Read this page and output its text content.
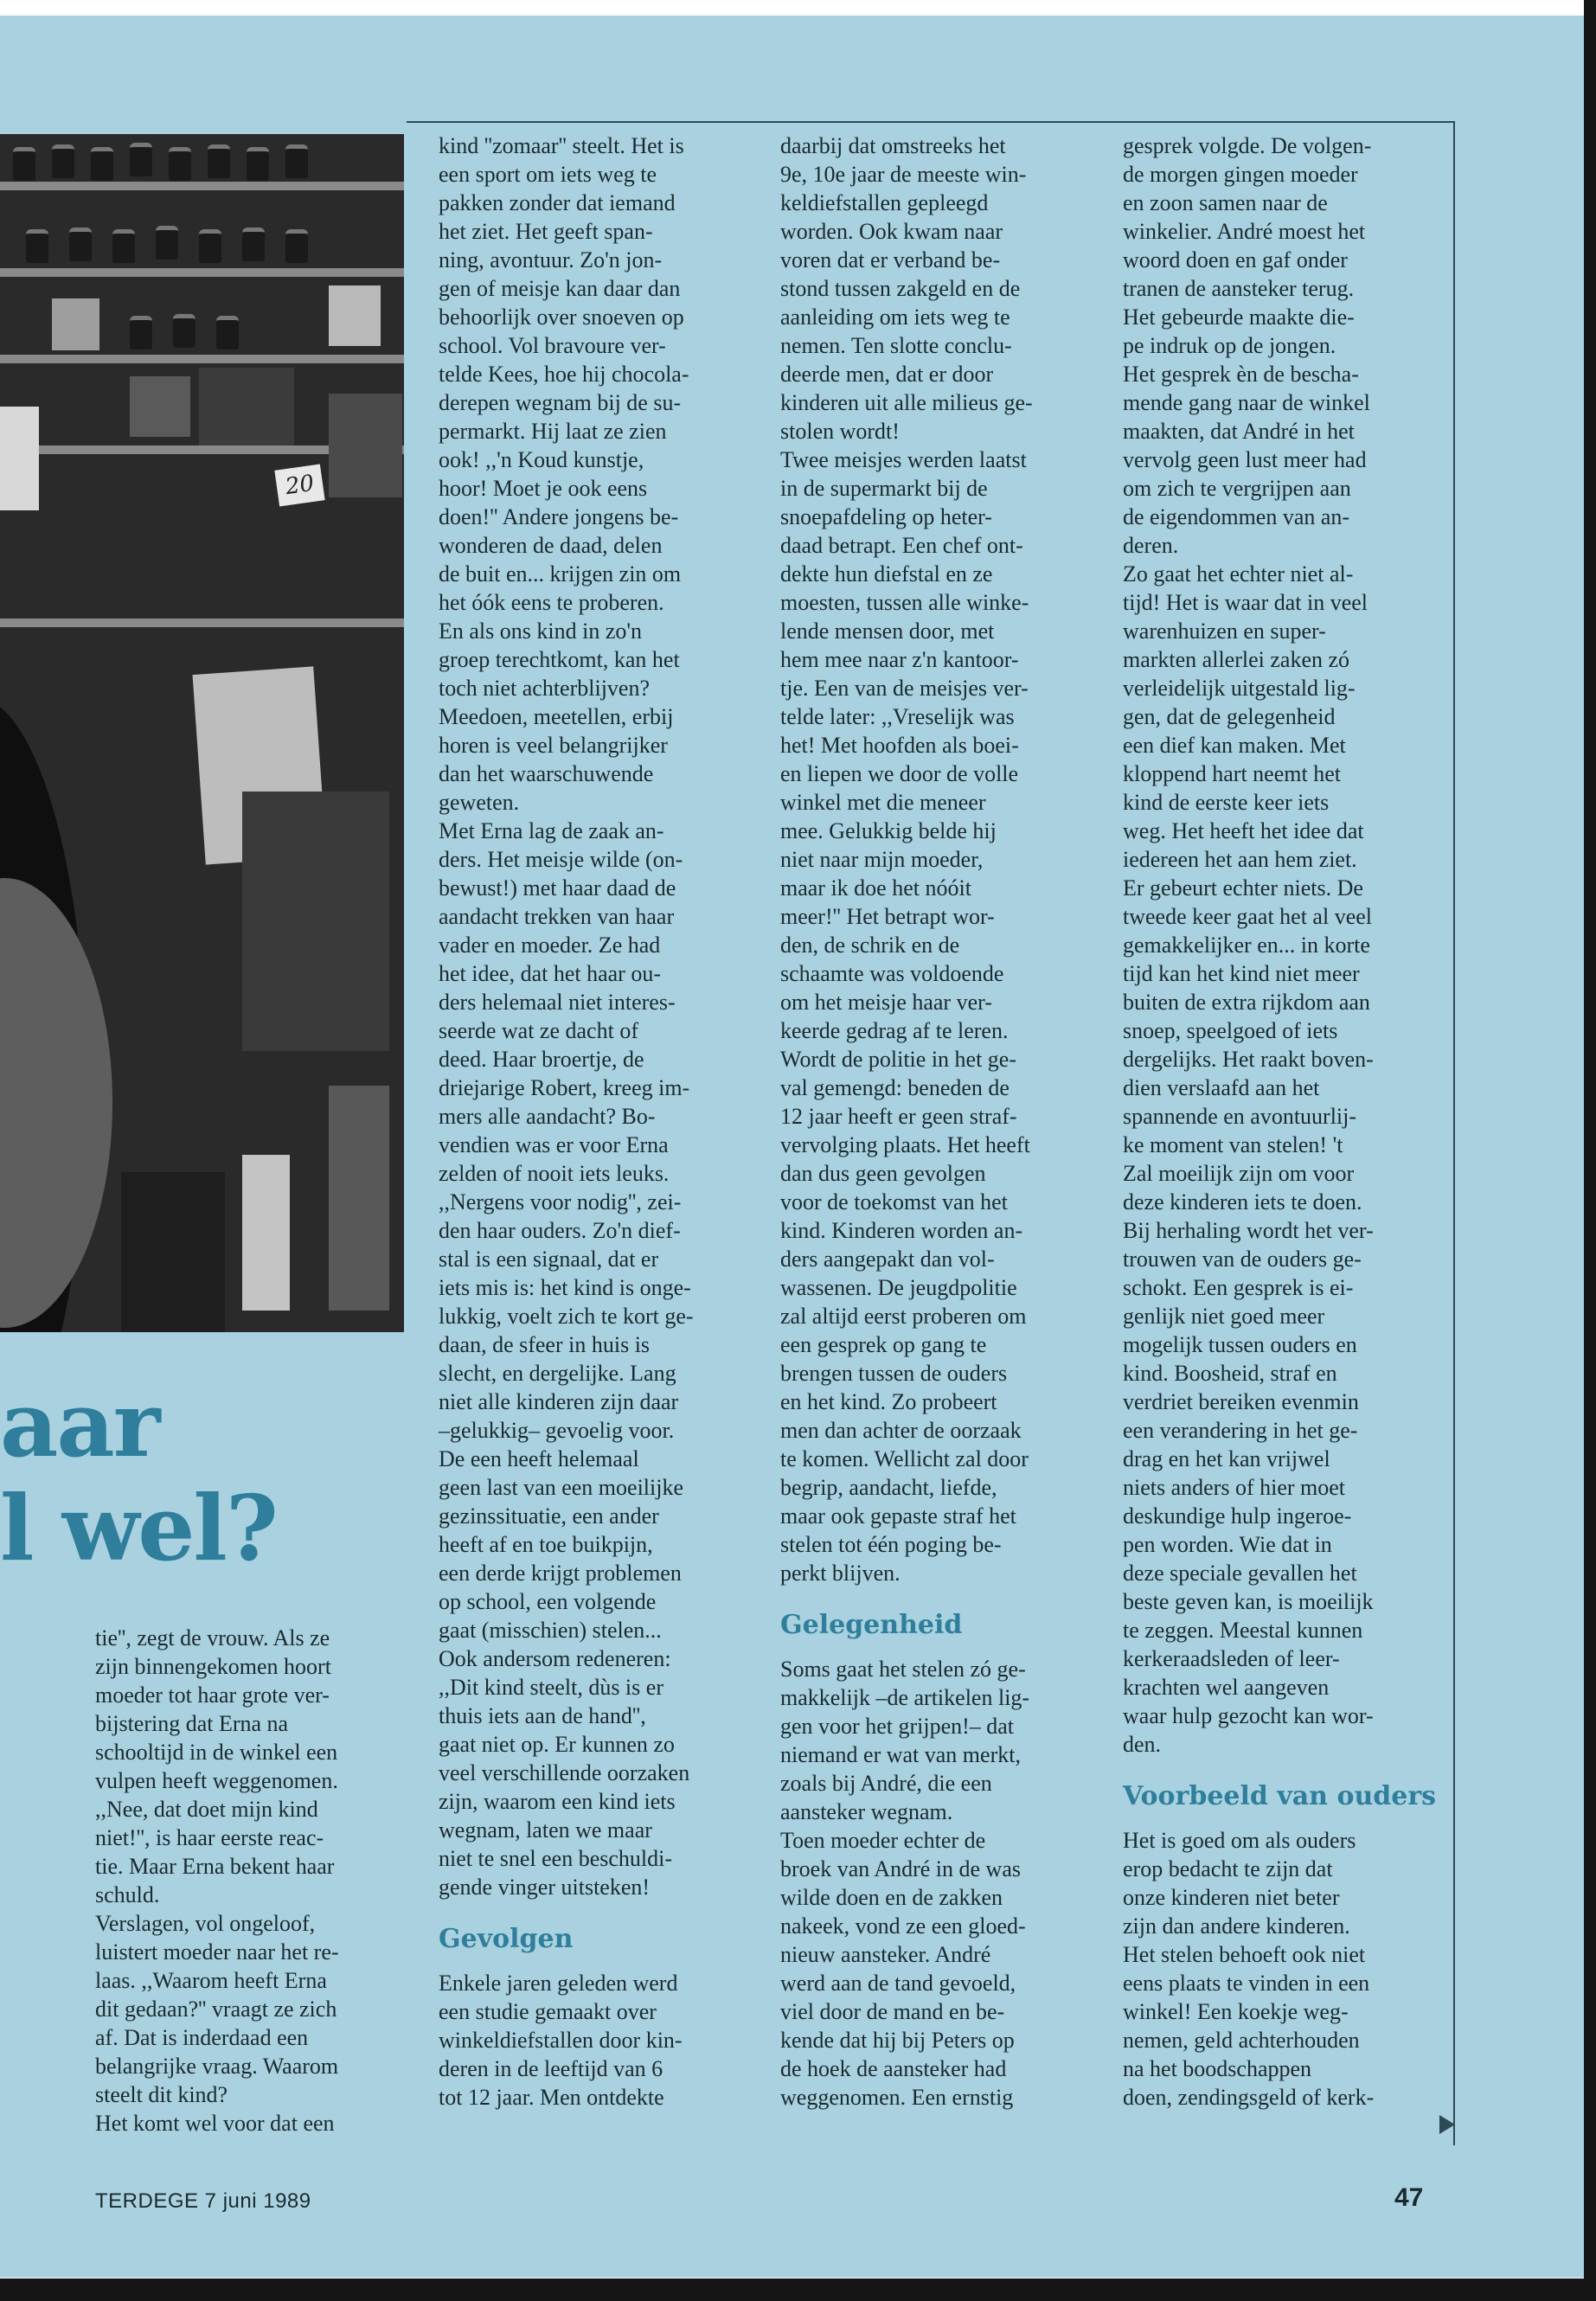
20
aar
l wel?

tie'', zegt de vrouw. Als ze

zijn binnengekomen hoort

moeder tot haar grote ver-

bijstering dat Erna na

schooltijd in de winkel een

vulpen heeft weggenomen.

,,Nee, dat doet mijn kind

niet!'', is haar eerste reac-

tie. Maar Erna bekent haar

schuld.

Verslagen, vol ongeloof,

luistert moeder naar het re-

laas. ,,Waarom heeft Erna

dit gedaan?'' vraagt ze zich

af. Dat is inderdaad een

belangrijke vraag. Waarom

steelt dit kind?

Het komt wel voor dat een

kind ''zomaar'' steelt. Het is

een sport om iets weg te

pakken zonder dat iemand

het ziet. Het geeft span-

ning, avontuur. Zo'n jon-

gen of meisje kan daar dan

behoorlijk over snoeven op

school. Vol bravoure ver-

telde Kees, hoe hij chocola-

derepen wegnam bij de su-

permarkt. Hij laat ze zien

ook! ,,'n Koud kunstje,

hoor! Moet je ook eens

doen!'' Andere jongens be-

wonderen de daad, delen

de buit en... krijgen zin om

het óók eens te proberen.

En als ons kind in zo'n

groep terechtkomt, kan het

toch niet achterblijven?

Meedoen, meetellen, erbij

horen is veel belangrijker

dan het waarschuwende

geweten.

Met Erna lag de zaak an-

ders. Het meisje wilde (on-

bewust!) met haar daad de

aandacht trekken van haar

vader en moeder. Ze had

het idee, dat het haar ou-

ders helemaal niet interes-

seerde wat ze dacht of

deed. Haar broertje, de

driejarige Robert, kreeg im-

mers alle aandacht? Bo-

vendien was er voor Erna

zelden of nooit iets leuks.

,,Nergens voor nodig'', zei-

den haar ouders. Zo'n dief-

stal is een signaal, dat er

iets mis is: het kind is onge-

lukkig, voelt zich te kort ge-

daan, de sfeer in huis is

slecht, en dergelijke. Lang

niet alle kinderen zijn daar

–gelukkig– gevoelig voor.

De een heeft helemaal

geen last van een moeilijke

gezinssituatie, een ander

heeft af en toe buikpijn,

een derde krijgt problemen

op school, een volgende

gaat (misschien) stelen...

Ook andersom redeneren:

,,Dit kind steelt, dùs is er

thuis iets aan de hand'',

gaat niet op. Er kunnen zo

veel verschillende oorzaken

zijn, waarom een kind iets

wegnam, laten we maar

niet te snel een beschuldi-

gende vinger uitsteken!

Gevolgen

Enkele jaren geleden werd

een studie gemaakt over

winkeldiefstallen door kin-

deren in de leeftijd van 6

tot 12 jaar. Men ontdekte

daarbij dat omstreeks het

9e, 10e jaar de meeste win-

keldiefstallen gepleegd

worden. Ook kwam naar

voren dat er verband be-

stond tussen zakgeld en de

aanleiding om iets weg te

nemen. Ten slotte conclu-

deerde men, dat er door

kinderen uit alle milieus ge-

stolen wordt!

Twee meisjes werden laatst

in de supermarkt bij de

snoepafdeling op heter-

daad betrapt. Een chef ont-

dekte hun diefstal en ze

moesten, tussen alle winke-

lende mensen door, met

hem mee naar z'n kantoor-

tje. Een van de meisjes ver-

telde later: ,,Vreselijk was

het! Met hoofden als boei-

en liepen we door de volle

winkel met die meneer

mee. Gelukkig belde hij

niet naar mijn moeder,

maar ik doe het nóóit

meer!'' Het betrapt wor-

den, de schrik en de

schaamte was voldoende

om het meisje haar ver-

keerde gedrag af te leren.

Wordt de politie in het ge-

val gemengd: beneden de

12 jaar heeft er geen straf-

vervolging plaats. Het heeft

dan dus geen gevolgen

voor de toekomst van het

kind. Kinderen worden an-

ders aangepakt dan vol-

wassenen. De jeugdpolitie

zal altijd eerst proberen om

een gesprek op gang te

brengen tussen de ouders

en het kind. Zo probeert

men dan achter de oorzaak

te komen. Wellicht zal door

begrip, aandacht, liefde,

maar ook gepaste straf het

stelen tot één poging be-

perkt blijven.

Gelegenheid

Soms gaat het stelen zó ge-

makkelijk –de artikelen lig-

gen voor het grijpen!– dat

niemand er wat van merkt,

zoals bij André, die een

aansteker wegnam.

Toen moeder echter de

broek van André in de was

wilde doen en de zakken

nakeek, vond ze een gloed-

nieuw aansteker. André

werd aan de tand gevoeld,

viel door de mand en be-

kende dat hij bij Peters op

de hoek de aansteker had

weggenomen. Een ernstig

gesprek volgde. De volgen-

de morgen gingen moeder

en zoon samen naar de

winkelier. André moest het

woord doen en gaf onder

tranen de aansteker terug.

Het gebeurde maakte die-

pe indruk op de jongen.

Het gesprek èn de bescha-

mende gang naar de winkel

maakten, dat André in het

vervolg geen lust meer had

om zich te vergrijpen aan

de eigendommen van an-

deren.

Zo gaat het echter niet al-

tijd! Het is waar dat in veel

warenhuizen en super-

markten allerlei zaken zó

verleidelijk uitgestald lig-

gen, dat de gelegenheid

een dief kan maken. Met

kloppend hart neemt het

kind de eerste keer iets

weg. Het heeft het idee dat

iedereen het aan hem ziet.

Er gebeurt echter niets. De

tweede keer gaat het al veel

gemakkelijker en... in korte

tijd kan het kind niet meer

buiten de extra rijkdom aan

snoep, speelgoed of iets

dergelijks. Het raakt boven-

dien verslaafd aan het

spannende en avontuurlij-

ke moment van stelen! 't

Zal moeilijk zijn om voor

deze kinderen iets te doen.

Bij herhaling wordt het ver-

trouwen van de ouders ge-

schokt. Een gesprek is ei-

genlijk niet goed meer

mogelijk tussen ouders en

kind. Boosheid, straf en

verdriet bereiken evenmin

een verandering in het ge-

drag en het kan vrijwel

niets anders of hier moet

deskundige hulp ingeroe-

pen worden. Wie dat in

deze speciale gevallen het

beste geven kan, is moeilijk

te zeggen. Meestal kunnen

kerkeraadsleden of leer-

krachten wel aangeven

waar hulp gezocht kan wor-

den.

Voorbeeld van ouders

Het is goed om als ouders

erop bedacht te zijn dat

onze kinderen niet beter

zijn dan andere kinderen.

Het stelen behoeft ook niet

eens plaats te vinden in een

winkel! Een koekje weg-

nemen, geld achterhouden

na het boodschappen

doen, zendingsgeld of kerk-

TERDEGE 7 juni 1989	47
